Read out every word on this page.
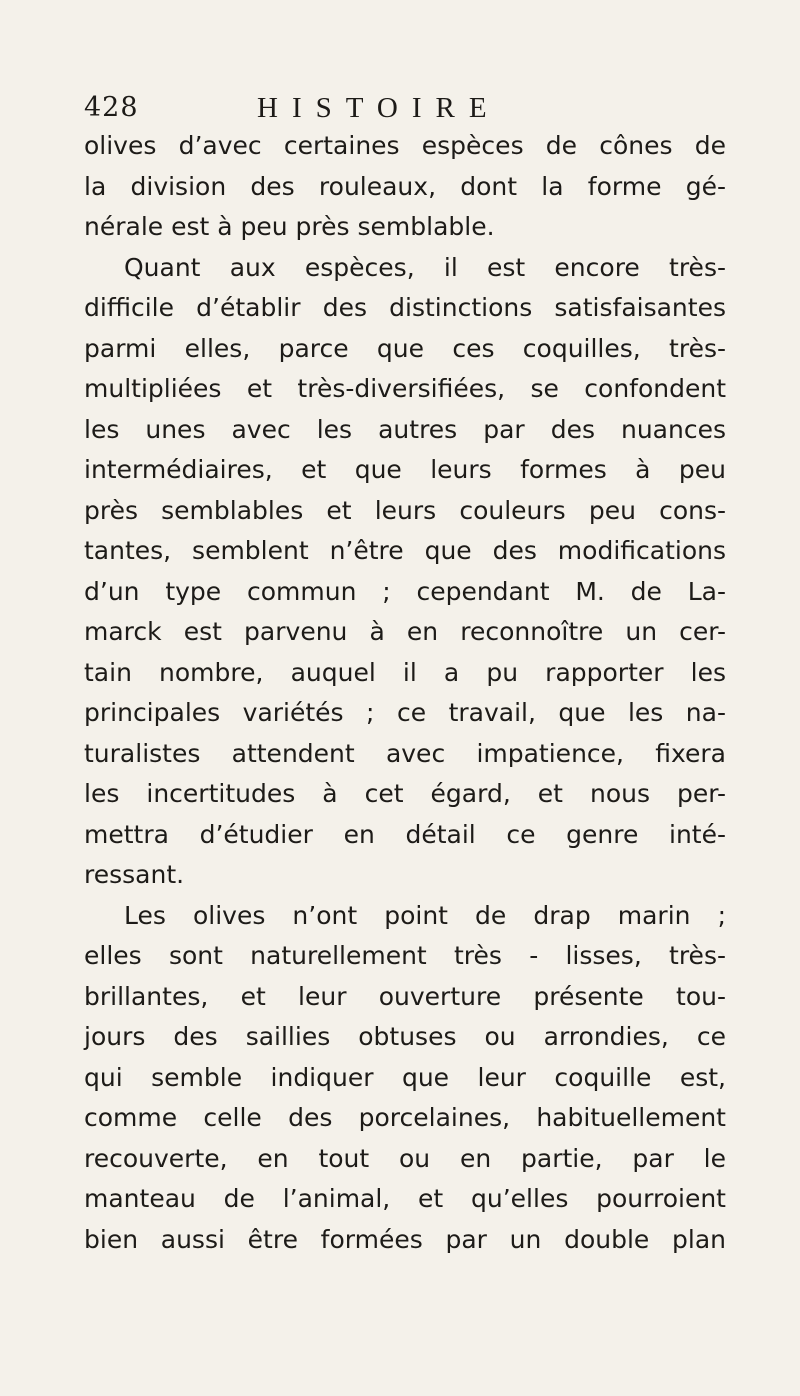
428	HISTOIRE
olives d’avec certaines espèces de cônes de
la division des rouleaux, dont la forme gé-
nérale est à peu près semblable.
Quant aux espèces, il est encore très-
difficile d’établir des distinctions satisfaisantes
parmi elles, parce que ces coquilles, très-
multipliées et très-diversifiées, se confondent
les unes avec les autres par des nuances
intermédiaires, et que leurs formes à peu
près semblables et leurs couleurs peu cons-
tantes, semblent n’être que des modifications
d’un type commun ; cependant M. de La-
marck est parvenu à en reconnoître un cer-
tain nombre, auquel il a pu rapporter les
principales variétés ; ce travail, que les na-
turalistes attendent avec impatience, fixera
les incertitudes à cet égard, et nous per-
mettra d’étudier en détail ce genre inté-
ressant.
Les olives n’ont point de drap marin ;
elles sont naturellement très - lisses, très-
brillantes, et leur ouverture présente tou-
jours des saillies obtuses ou arrondies, ce
qui semble indiquer que leur coquille est,
comme celle des porcelaines, habituellement
recouverte, en tout ou en partie, par le
manteau de l’animal, et qu’elles pourroient
bien aussi être formées par un double plan
